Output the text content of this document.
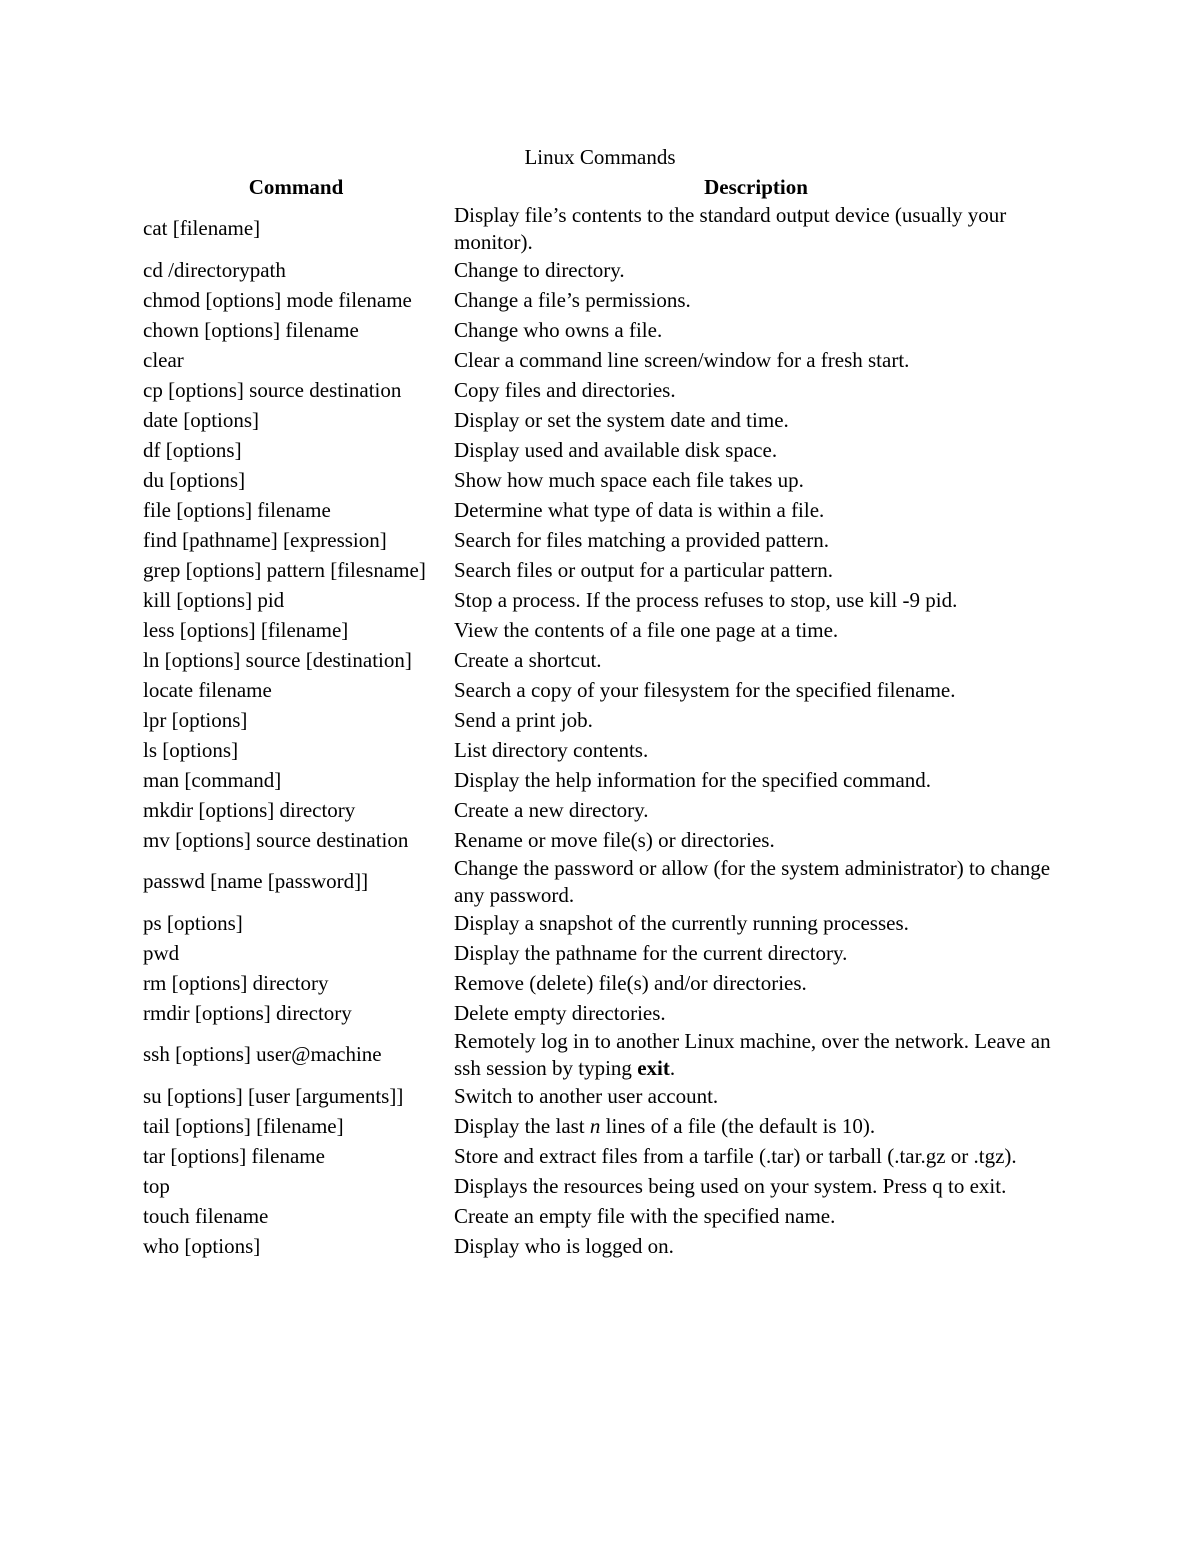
Linux Commands
Command	Description
cat [filename]	Display file’s contents to the standard output device (usually your monitor).
cd /directorypath	Change to directory.
chmod [options] mode filename	Change a file’s permissions.
chown [options] filename	Change who owns a file.
clear	Clear a command line screen/window for a fresh start.
cp [options] source destination	Copy files and directories.
date [options]	Display or set the system date and time.
df [options]	Display used and available disk space.
du [options]	Show how much space each file takes up.
file [options] filename	Determine what type of data is within a file.
find [pathname] [expression]	Search for files matching a provided pattern.
grep [options] pattern [filesname]	Search files or output for a particular pattern.
kill [options] pid	Stop a process. If the process refuses to stop, use kill -9 pid.
less [options] [filename]	View the contents of a file one page at a time.
ln [options] source [destination]	Create a shortcut.
locate filename	Search a copy of your filesystem for the specified filename.
lpr [options]	Send a print job.
ls [options]	List directory contents.
man [command]	Display the help information for the specified command.
mkdir [options] directory	Create a new directory.
mv [options] source destination	Rename or move file(s) or directories.
passwd [name [password]]	Change the password or allow (for the system administrator) to change any password.
ps [options]	Display a snapshot of the currently running processes.
pwd	Display the pathname for the current directory.
rm [options] directory	Remove (delete) file(s) and/or directories.
rmdir [options] directory	Delete empty directories.
ssh [options] user@machine	Remotely log in to another Linux machine, over the network. Leave an ssh session by typing exit.
su [options] [user [arguments]]	Switch to another user account.
tail [options] [filename]	Display the last n lines of a file (the default is 10).
tar [options] filename	Store and extract files from a tarfile (.tar) or tarball (.tar.gz or .tgz).
top	Displays the resources being used on your system. Press q to exit.
touch filename	Create an empty file with the specified name.
who [options]	Display who is logged on.
